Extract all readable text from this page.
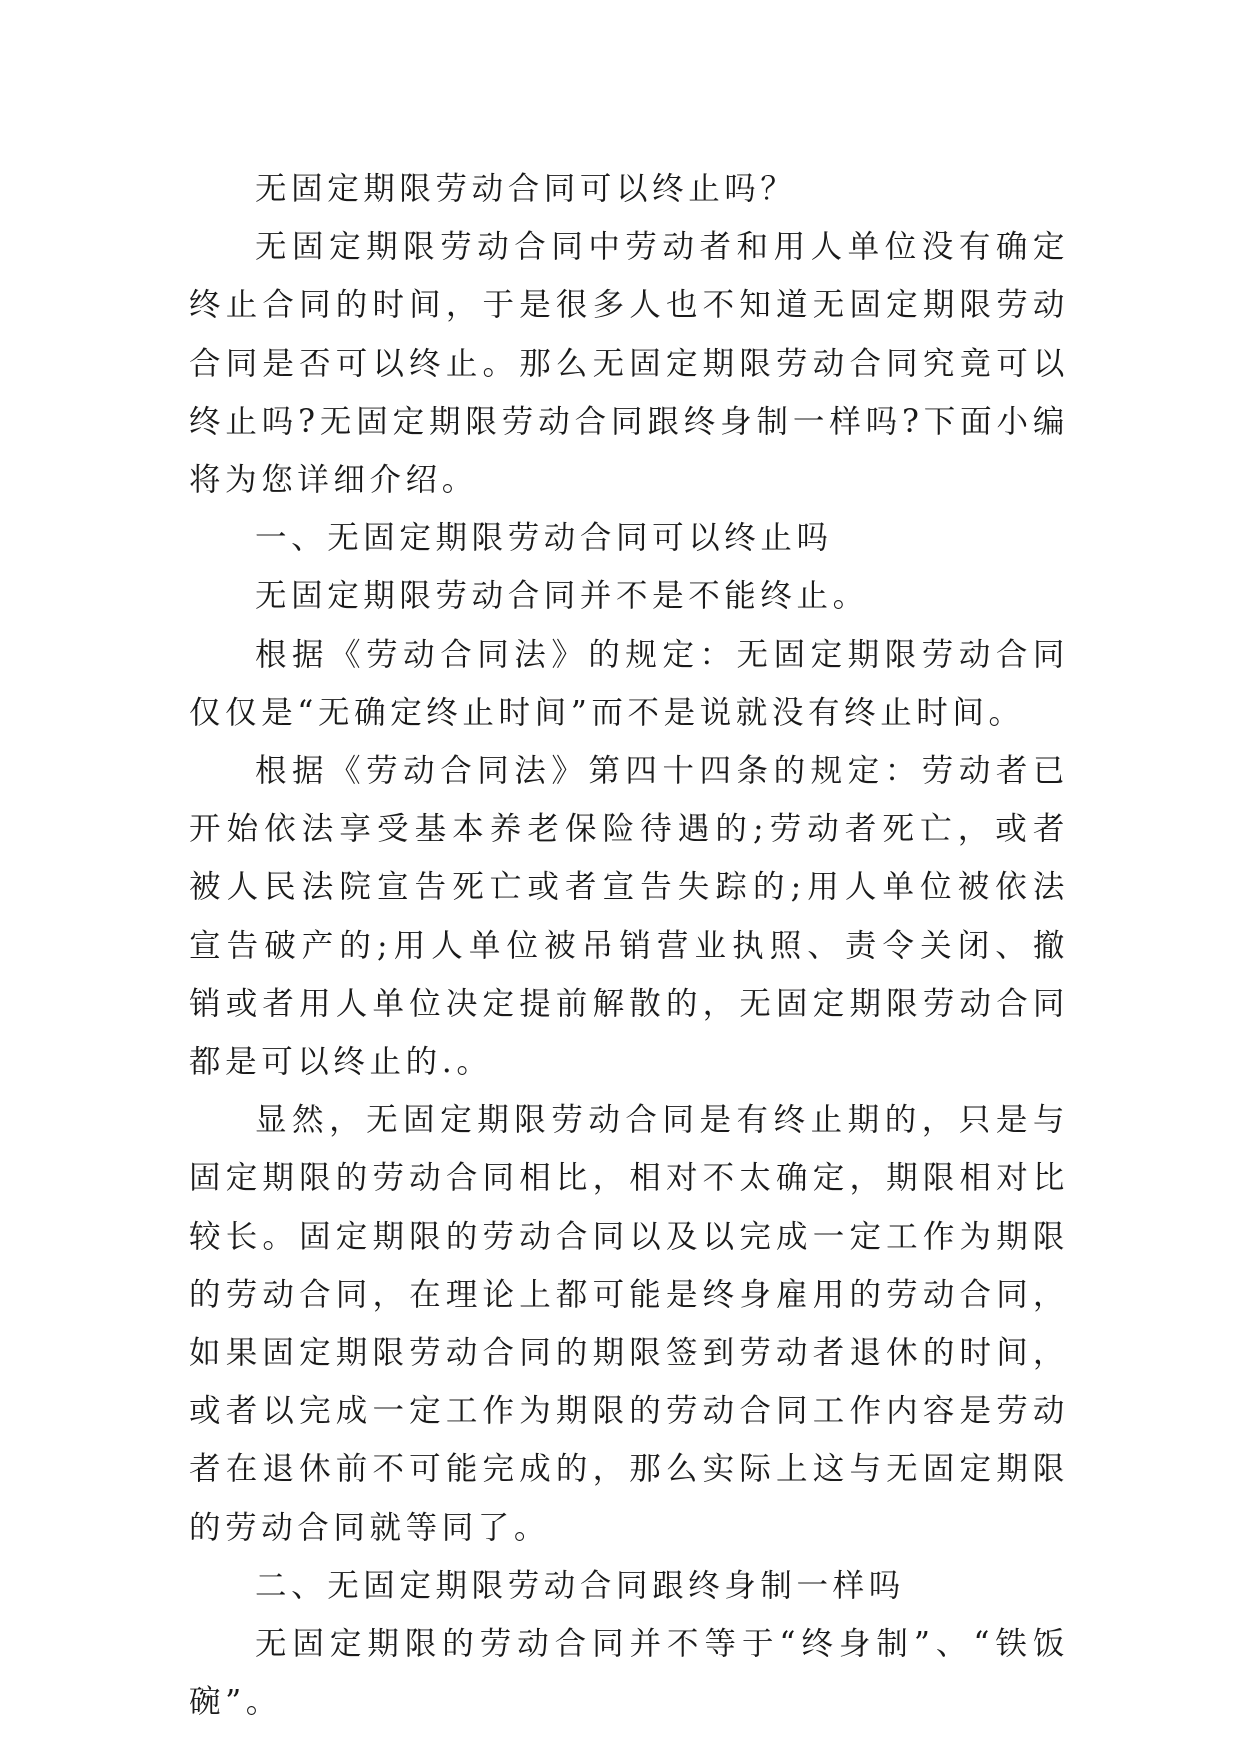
无固定期限劳动合同可以终止吗？

无固定期限劳动合同中劳动者和用人单位没有确定终止合同的时间，于是很多人也不知道无固定期限劳动合同是否可以终止。那么无固定期限劳动合同究竟可以终止吗?无固定期限劳动合同跟终身制一样吗?下面小编将为您详细介绍。

一、无固定期限劳动合同可以终止吗

无固定期限劳动合同并不是不能终止。

根据《劳动合同法》的规定：无固定期限劳动合同仅仅是“无确定终止时间”而不是说就没有终止时间。

根据《劳动合同法》第四十四条的规定：劳动者已开始依法享受基本养老保险待遇的;劳动者死亡，或者被人民法院宣告死亡或者宣告失踪的;用人单位被依法宣告破产的;用人单位被吊销营业执照、责令关闭、撤销或者用人单位决定提前解散的，无固定期限劳动合同都是可以终止的.。

显然，无固定期限劳动合同是有终止期的，只是与固定期限的劳动合同相比，相对不太确定，期限相对比较长。固定期限的劳动合同以及以完成一定工作为期限的劳动合同，在理论上都可能是终身雇用的劳动合同，如果固定期限劳动合同的期限签到劳动者退休的时间，或者以完成一定工作为期限的劳动合同工作内容是劳动者在退休前不可能完成的，那么实际上这与无固定期限的劳动合同就等同了。

二、无固定期限劳动合同跟终身制一样吗

无固定期限的劳动合同并不等于“终身制”、“铁饭碗”。
